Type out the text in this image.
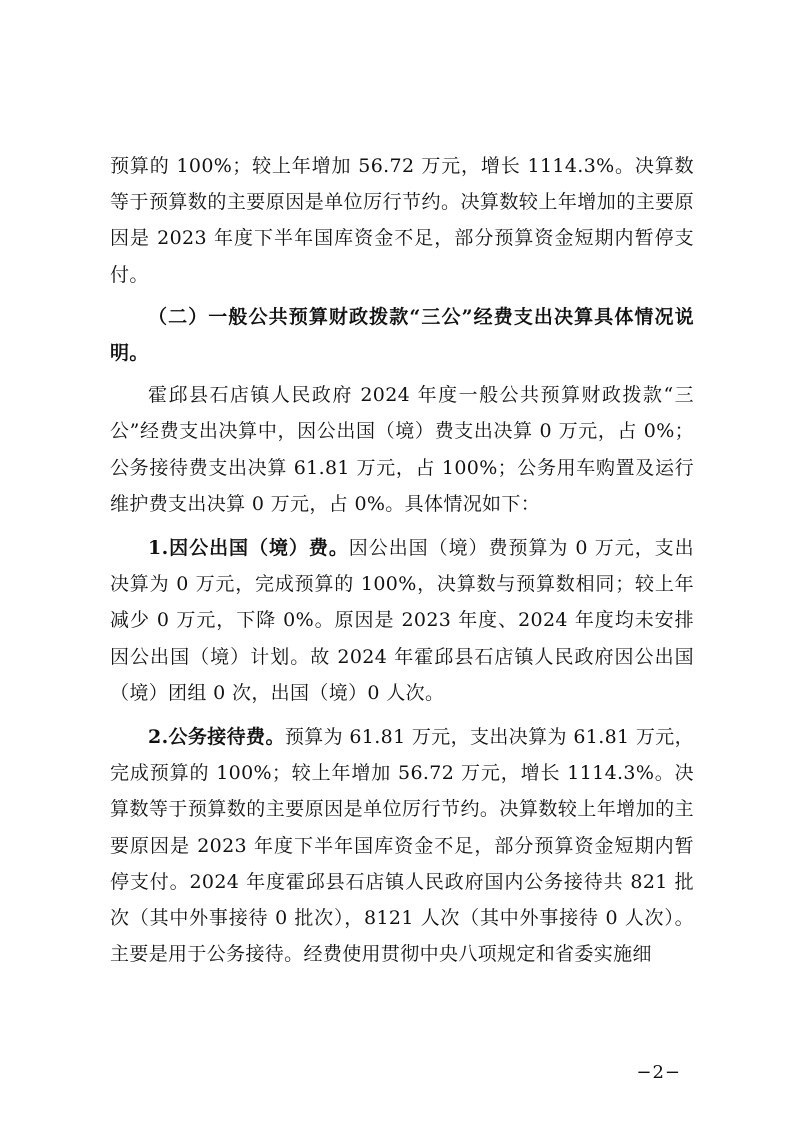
预算的 100%；较上年增加 56.72 万元，增长 1114.3%。决算数等于预算数的主要原因是单位厉行节约。决算数较上年增加的主要原因是 2023 年度下半年国库资金不足，部分预算资金短期内暂停支付。

（二）一般公共预算财政拨款“三公”经费支出决算具体情况说明。

霍邱县石店镇人民政府 2024 年度一般公共预算财政拨款“三公”经费支出决算中，因公出国（境）费支出决算 0 万元，占 0%；公务接待费支出决算 61.81 万元，占 100%；公务用车购置及运行维护费支出决算 0 万元，占 0%。具体情况如下：

1.因公出国（境）费。因公出国（境）费预算为 0 万元，支出决算为 0 万元，完成预算的 100%，决算数与预算数相同；较上年减少 0 万元，下降 0%。原因是 2023 年度、2024 年度均未安排因公出国（境）计划。故 2024 年霍邱县石店镇人民政府因公出国（境）团组 0 次，出国（境）0 人次。

2.公务接待费。预算为 61.81 万元，支出决算为 61.81 万元，完成预算的 100%；较上年增加 56.72 万元，增长 1114.3%。决算数等于预算数的主要原因是单位厉行节约。决算数较上年增加的主要原因是 2023 年度下半年国库资金不足，部分预算资金短期内暂停支付。2024 年度霍邱县石店镇人民政府国内公务接待共 821 批次（其中外事接待 0 批次），8121 人次（其中外事接待 0 人次）。主要是用于公务接待。经费使用贯彻中央八项规定和省委实施细

−2−
